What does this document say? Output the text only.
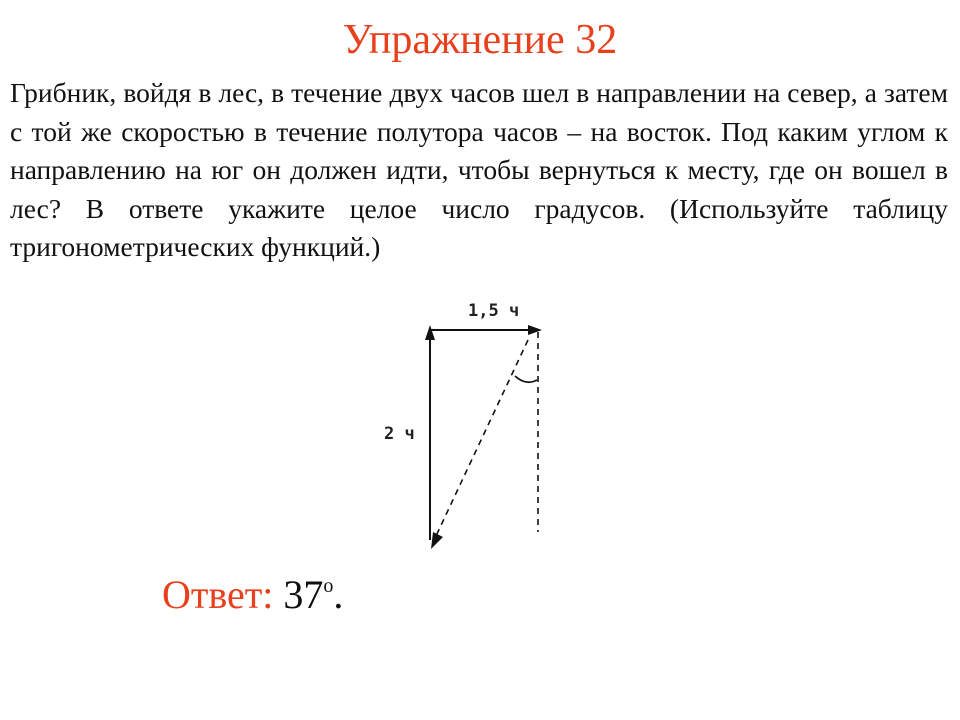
Упражнение 32

Грибник, войдя в лес, в течение двух часов шел в направлении на север, а затем с той же скоростью в течение полутора часов – на восток. Под каким углом к направлению на юг он должен идти, чтобы вернуться к месту, где он вошел в лес? В ответе укажите целое число градусов. (Используйте таблицу тригонометрических функций.)

1,5 ч
2 ч
Ответ: 37$^o$.
